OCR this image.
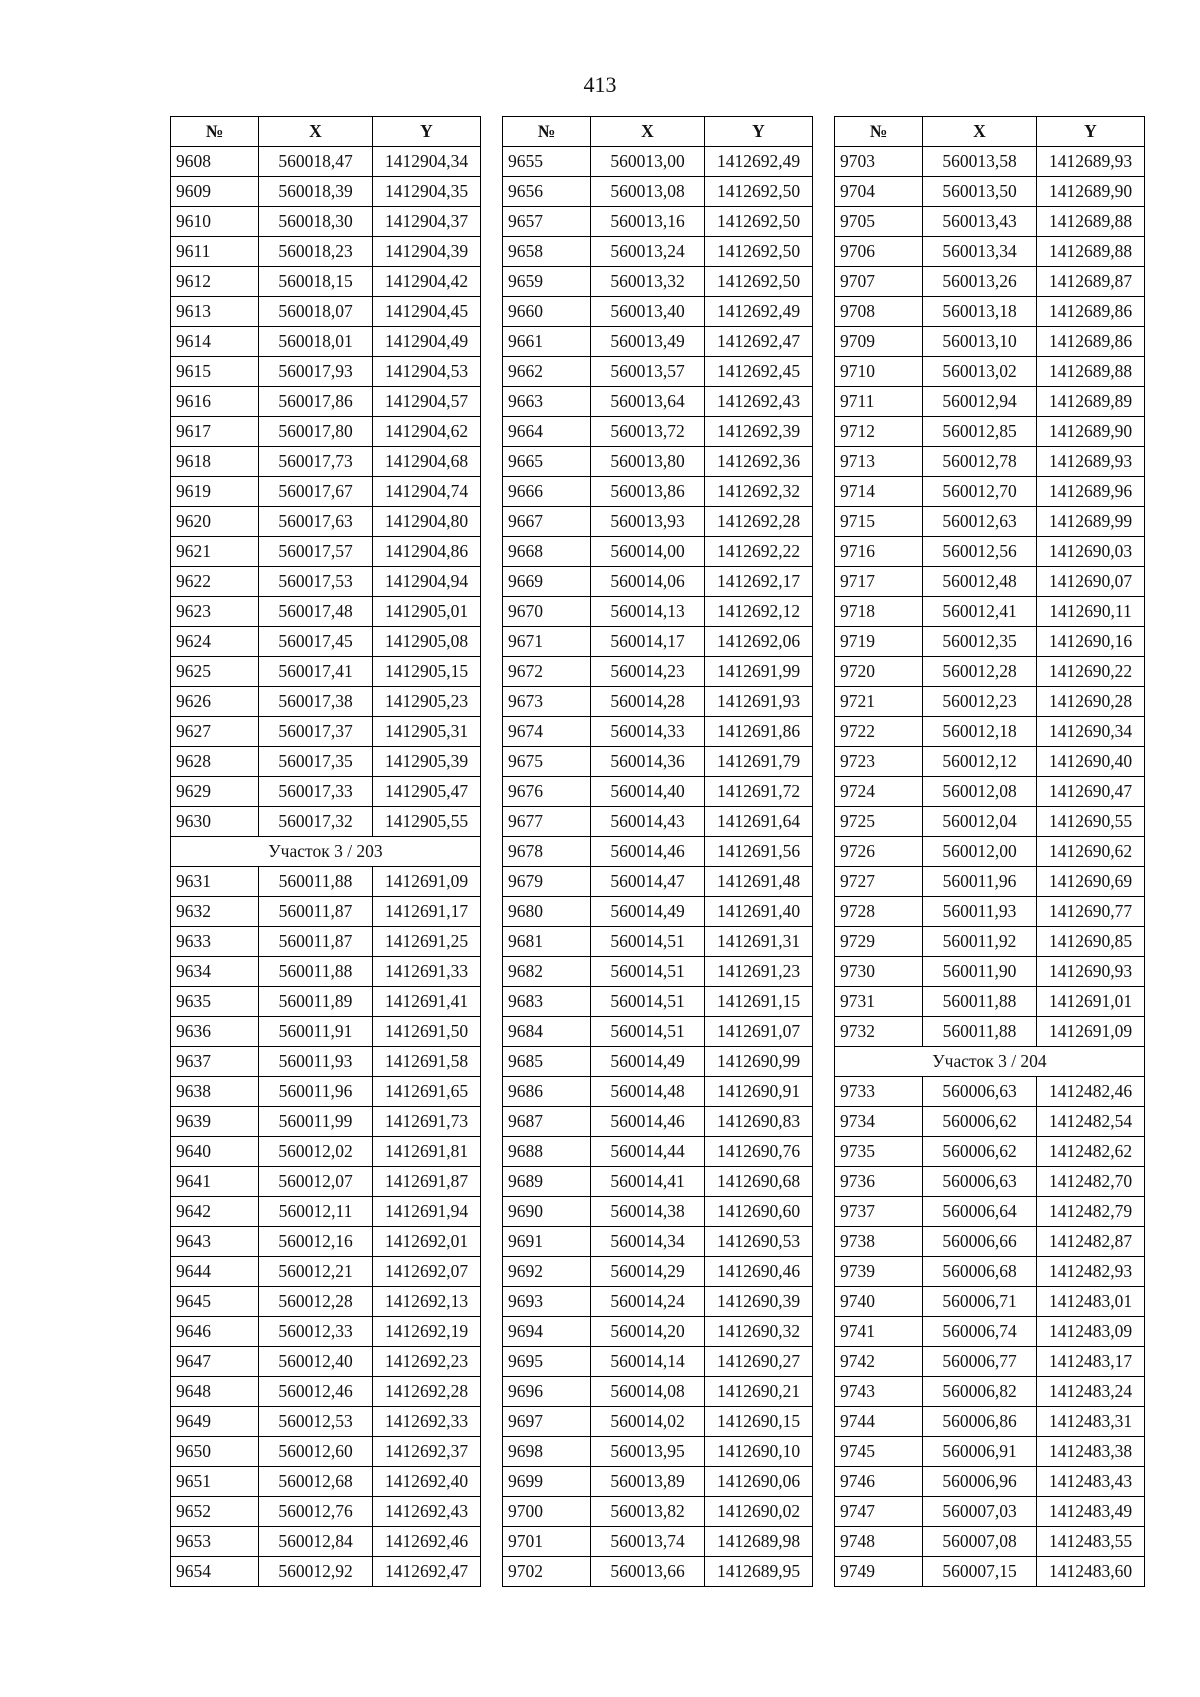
413
№	X	Y
9608	560018,47	1412904,34
9609	560018,39	1412904,35
9610	560018,30	1412904,37
9611	560018,23	1412904,39
9612	560018,15	1412904,42
9613	560018,07	1412904,45
9614	560018,01	1412904,49
9615	560017,93	1412904,53
9616	560017,86	1412904,57
9617	560017,80	1412904,62
9618	560017,73	1412904,68
9619	560017,67	1412904,74
9620	560017,63	1412904,80
9621	560017,57	1412904,86
9622	560017,53	1412904,94
9623	560017,48	1412905,01
9624	560017,45	1412905,08
9625	560017,41	1412905,15
9626	560017,38	1412905,23
9627	560017,37	1412905,31
9628	560017,35	1412905,39
9629	560017,33	1412905,47
9630	560017,32	1412905,55
Участок 3 / 203		
9631	560011,88	1412691,09
9632	560011,87	1412691,17
9633	560011,87	1412691,25
9634	560011,88	1412691,33
9635	560011,89	1412691,41
9636	560011,91	1412691,50
9637	560011,93	1412691,58
9638	560011,96	1412691,65
9639	560011,99	1412691,73
9640	560012,02	1412691,81
9641	560012,07	1412691,87
9642	560012,11	1412691,94
9643	560012,16	1412692,01
9644	560012,21	1412692,07
9645	560012,28	1412692,13
9646	560012,33	1412692,19
9647	560012,40	1412692,23
9648	560012,46	1412692,28
9649	560012,53	1412692,33
9650	560012,60	1412692,37
9651	560012,68	1412692,40
9652	560012,76	1412692,43
9653	560012,84	1412692,46
9654	560012,92	1412692,47
№	X	Y
9655	560013,00	1412692,49
9656	560013,08	1412692,50
9657	560013,16	1412692,50
9658	560013,24	1412692,50
9659	560013,32	1412692,50
9660	560013,40	1412692,49
9661	560013,49	1412692,47
9662	560013,57	1412692,45
9663	560013,64	1412692,43
9664	560013,72	1412692,39
9665	560013,80	1412692,36
9666	560013,86	1412692,32
9667	560013,93	1412692,28
9668	560014,00	1412692,22
9669	560014,06	1412692,17
9670	560014,13	1412692,12
9671	560014,17	1412692,06
9672	560014,23	1412691,99
9673	560014,28	1412691,93
9674	560014,33	1412691,86
9675	560014,36	1412691,79
9676	560014,40	1412691,72
9677	560014,43	1412691,64
9678	560014,46	1412691,56
9679	560014,47	1412691,48
9680	560014,49	1412691,40
9681	560014,51	1412691,31
9682	560014,51	1412691,23
9683	560014,51	1412691,15
9684	560014,51	1412691,07
9685	560014,49	1412690,99
9686	560014,48	1412690,91
9687	560014,46	1412690,83
9688	560014,44	1412690,76
9689	560014,41	1412690,68
9690	560014,38	1412690,60
9691	560014,34	1412690,53
9692	560014,29	1412690,46
9693	560014,24	1412690,39
9694	560014,20	1412690,32
9695	560014,14	1412690,27
9696	560014,08	1412690,21
9697	560014,02	1412690,15
9698	560013,95	1412690,10
9699	560013,89	1412690,06
9700	560013,82	1412690,02
9701	560013,74	1412689,98
9702	560013,66	1412689,95
№	X	Y
9703	560013,58	1412689,93
9704	560013,50	1412689,90
9705	560013,43	1412689,88
9706	560013,34	1412689,88
9707	560013,26	1412689,87
9708	560013,18	1412689,86
9709	560013,10	1412689,86
9710	560013,02	1412689,88
9711	560012,94	1412689,89
9712	560012,85	1412689,90
9713	560012,78	1412689,93
9714	560012,70	1412689,96
9715	560012,63	1412689,99
9716	560012,56	1412690,03
9717	560012,48	1412690,07
9718	560012,41	1412690,11
9719	560012,35	1412690,16
9720	560012,28	1412690,22
9721	560012,23	1412690,28
9722	560012,18	1412690,34
9723	560012,12	1412690,40
9724	560012,08	1412690,47
9725	560012,04	1412690,55
9726	560012,00	1412690,62
9727	560011,96	1412690,69
9728	560011,93	1412690,77
9729	560011,92	1412690,85
9730	560011,90	1412690,93
9731	560011,88	1412691,01
9732	560011,88	1412691,09
Участок 3 / 204		
9733	560006,63	1412482,46
9734	560006,62	1412482,54
9735	560006,62	1412482,62
9736	560006,63	1412482,70
9737	560006,64	1412482,79
9738	560006,66	1412482,87
9739	560006,68	1412482,93
9740	560006,71	1412483,01
9741	560006,74	1412483,09
9742	560006,77	1412483,17
9743	560006,82	1412483,24
9744	560006,86	1412483,31
9745	560006,91	1412483,38
9746	560006,96	1412483,43
9747	560007,03	1412483,49
9748	560007,08	1412483,55
9749	560007,15	1412483,60
